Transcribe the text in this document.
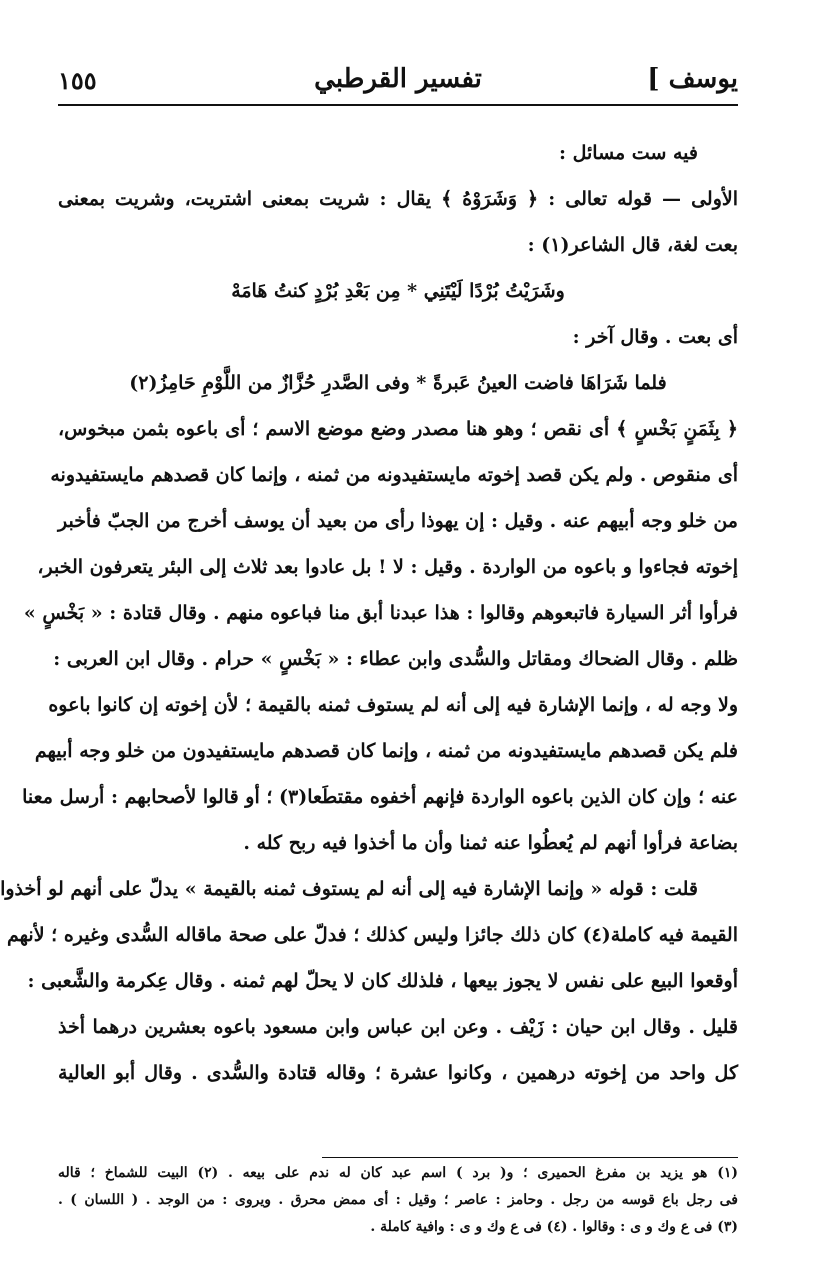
يوسف ]
تفسير القرطبي
١٥٥

فيه ست مسائل :

الأولى — قوله تعالى : ﴿ وَشَرَوْهُ ﴾ يقال : شريت بمعنى اشتريت، وشريت بمعنى

بعت لغة، قال الشاعر(١) :

وشَرَيْتُ بُرْدًا لَيْتَنِي * مِن بَعْدِ بُرْدٍ كنتُ هَامَهْ

أى بعت . وقال آخر :

فلما شَرَاهَا فاضت العينُ عَبرةً * وفى الصَّدرِ حُزَّازٌ من اللَّوْمِ حَامِزُ(٢)

﴿ بِثَمَنٍ بَخْسٍ ﴾ أى نقص ؛ وهو هنا مصدر وضع موضع الاسم ؛ أى باعوه بثمن مبخوس،

أى منقوص . ولم يكن قصد إخوته مايستفيدونه من ثمنه ، وإنما كان قصدهم مايستفيدونه

من خلو وجه أبيهم عنه . وقيل : إن يهوذا رأى من بعيد أن يوسف أخرج من الجبّ فأخبر

إخوته فجاءوا و باعوه من الواردة . وقيل : لا ! بل عادوا بعد ثلاث إلى البئر يتعرفون الخبر،

فرأوا أثر السيارة فاتبعوهم وقالوا : هذا عبدنا أبق منا فباعوه منهم . وقال قتادة : « بَخْسٍ »

ظلم . وقال الضحاك ومقاتل والسُّدى وابن عطاء : « بَخْسٍ » حرام . وقال ابن العربى :

ولا وجه له ، وإنما الإشارة فيه إلى أنه لم يستوف ثمنه بالقيمة ؛ لأن إخوته إن كانوا باعوه

فلم يكن قصدهم مايستفيدونه من ثمنه ، وإنما كان قصدهم مايستفيدون من خلو وجه أبيهم

عنه ؛ وإن كان الذين باعوه الواردة فإنهم أخفوه مقتطَعا(٣) ؛ أو قالوا لأصحابهم : أرسل معنا

بضاعة فرأوا أنهم لم يُعطُوا عنه ثمنا وأن ما أخذوا فيه ربح كله .

قلت : قوله « وإنما الإشارة فيه إلى أنه لم يستوف ثمنه بالقيمة » يدلّ على أنهم لو أخذوا

القيمة فيه كاملة(٤) كان ذلك جائزا وليس كذلك ؛ فدلّ على صحة ماقاله السُّدى وغيره ؛ لأنهم

أوقعوا البيع على نفس لا يجوز بيعها ، فلذلك كان لا يحلّ لهم ثمنه . وقال عِكرمة والشَّعبى :

قليل . وقال ابن حيان : زَيْف . وعن ابن عباس وابن مسعود باعوه بعشرين درهما أخذ

كل واحد من إخوته درهمين ، وكانوا عشرة ؛ وقاله قتادة والسُّدى . وقال أبو العالية

(١) هو يزيد بن مفرغ الحميرى ؛ و( برد ) اسم عبد كان له ندم على بيعه . (٢) البيت للشماخ ؛ قاله

فى رجل باع قوسه من رجل . وحامز : عاصر ؛ وقيل : أى ممض محرق . ويروى : من الوجد . ( اللسان ) .

(٣) فى ع وك و ى : وقالوا . (٤) فى ع وك و ى : وافية كاملة .
